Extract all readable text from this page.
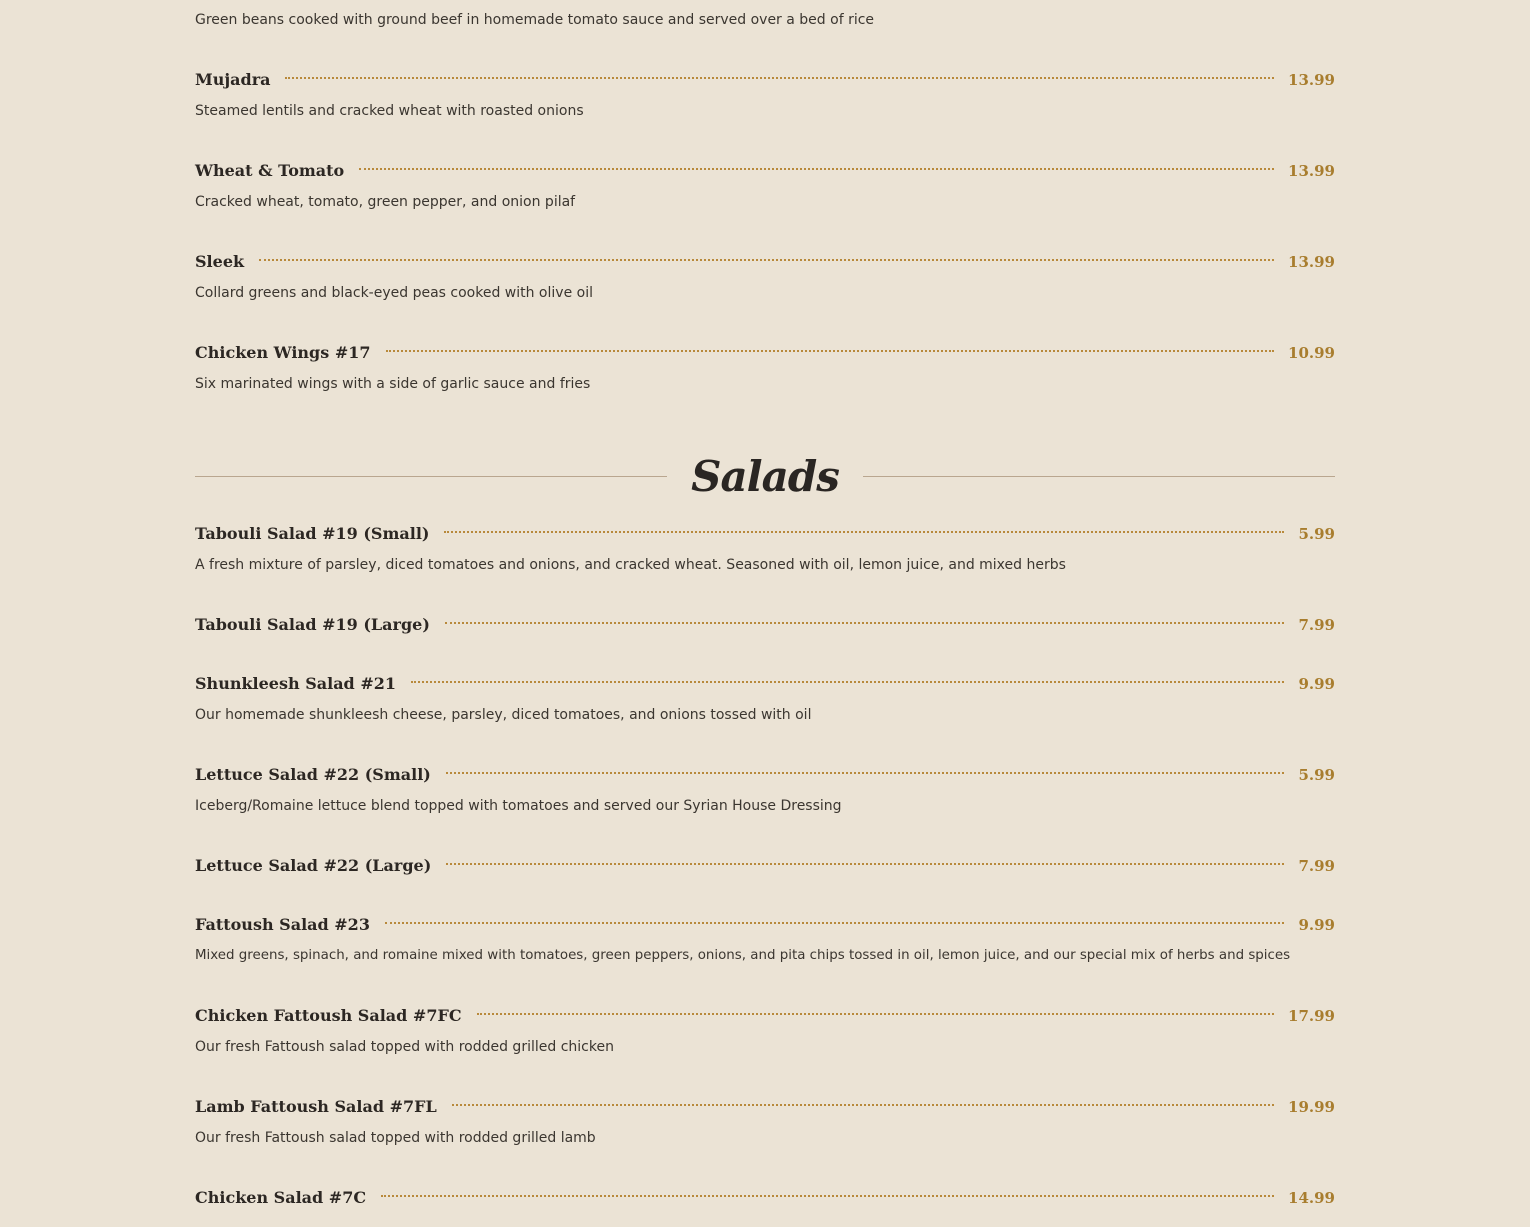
Green beans cooked with ground beef in homemade tomato sauce and served over a bed of rice
Mujadra	13.99
Steamed lentils and cracked wheat with roasted onions
Wheat & Tomato	13.99
Cracked wheat, tomato, green pepper, and onion pilaf
Sleek	13.99
Collard greens and black-eyed peas cooked with olive oil
Chicken Wings #17	10.99
Six marinated wings with a side of garlic sauce and fries
Salads
Tabouli Salad #19 (Small)	5.99
A fresh mixture of parsley, diced tomatoes and onions, and cracked wheat. Seasoned with oil, lemon juice, and mixed herbs
Tabouli Salad #19 (Large)	7.99
Shunkleesh Salad #21	9.99
Our homemade shunkleesh cheese, parsley, diced tomatoes, and onions tossed with oil
Lettuce Salad #22 (Small)	5.99
Iceberg/Romaine lettuce blend topped with tomatoes and served our Syrian House Dressing
Lettuce Salad #22 (Large)	7.99
Fattoush Salad #23	9.99
Mixed greens, spinach, and romaine mixed with tomatoes, green peppers, onions, and pita chips tossed in oil, lemon juice, and our special mix of herbs and spices
Chicken Fattoush Salad #7FC	17.99
Our fresh Fattoush salad topped with rodded grilled chicken
Lamb Fattoush Salad #7FL	19.99
Our fresh Fattoush salad topped with rodded grilled lamb
Chicken Salad #7C	14.99
